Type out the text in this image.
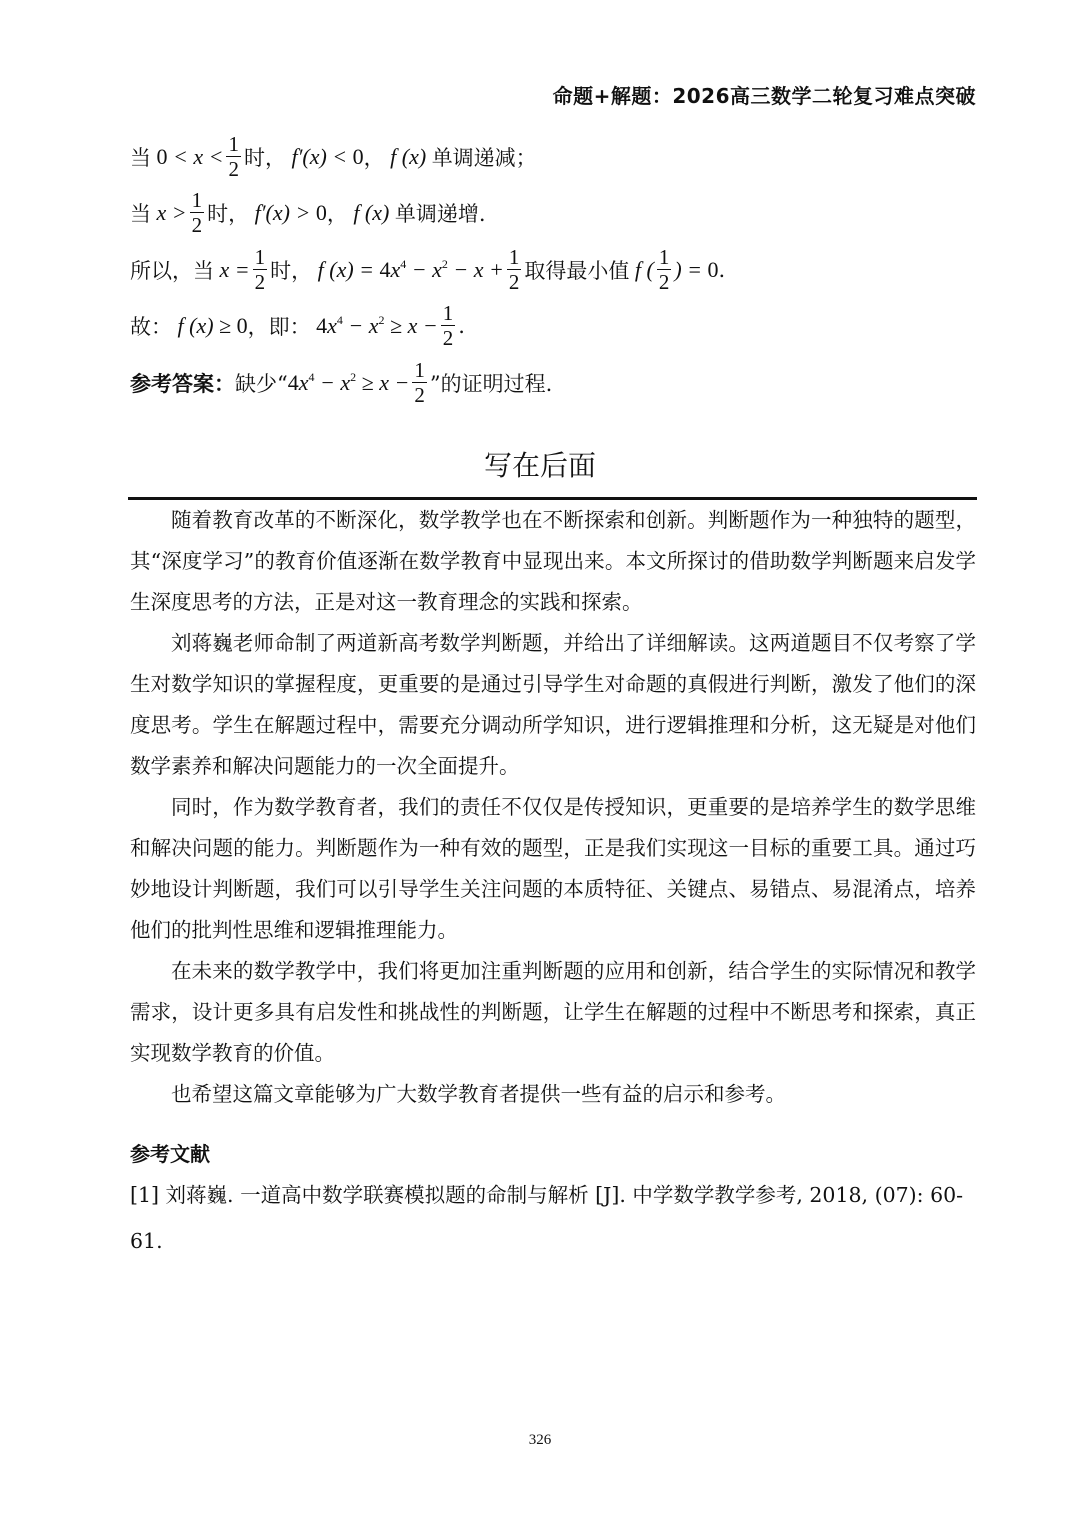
命题+解题：2026高三数学二轮复习难点突破
当 $0 < x < \frac{1}{2}$ 时， f′(x) < 0 ， f (x) 单调递减；
当 $x > \frac{1}{2}$ 时， f′(x) > 0 ， f (x) 单调递增.
所以，当 $x = \frac{1}{2}$ 时， f $(x) = 4x^4 - x^2 - x + \frac{1}{2}$ 取得最小值 f ( $\frac{1}{2}$ ) = 0 .
故： f (x) ≥ 0 ，即： $4x^4 - x^2 \ge x - \frac{1}{2}$ .
参考答案： 缺少“ $4x^4 - x^2 \ge x - \frac{1}{2}$ ”的证明过程.
写在后面
随着教育改革的不断深化，数学教学也在不断探索和创新。判断题作为一种独特的题型，其“深度学习”的教育价值逐渐在数学教育中显现出来。本文所探讨的借助数学判断题来启发学生深度思考的方法，正是对这一教育理念的实践和探索。
刘蒋巍老师命制了两道新高考数学判断题，并给出了详细解读。这两道题目不仅考察了学生对数学知识的掌握程度，更重要的是通过引导学生对命题的真假进行判断，激发了他们的深度思考。学生在解题过程中，需要充分调动所学知识，进行逻辑推理和分析，这无疑是对他们数学素养和解决问题能力的一次全面提升。
同时，作为数学教育者，我们的责任不仅仅是传授知识，更重要的是培养学生的数学思维和解决问题的能力。判断题作为一种有效的题型，正是我们实现这一目标的重要工具。通过巧妙地设计判断题，我们可以引导学生关注问题的本质特征、关键点、易错点、易混淆点，培养他们的批判性思维和逻辑推理能力。
在未来的数学教学中，我们将更加注重判断题的应用和创新，结合学生的实际情况和教学需求，设计更多具有启发性和挑战性的判断题，让学生在解题的过程中不断思考和探索，真正实现数学教育的价值。
也希望这篇文章能够为广大数学教育者提供一些有益的启示和参考。
参考文献
[1] 刘蒋巍. 一道高中数学联赛模拟题的命制与解析 [J]. 中学数学教学参考, 2018, (07): 60-61.
326
